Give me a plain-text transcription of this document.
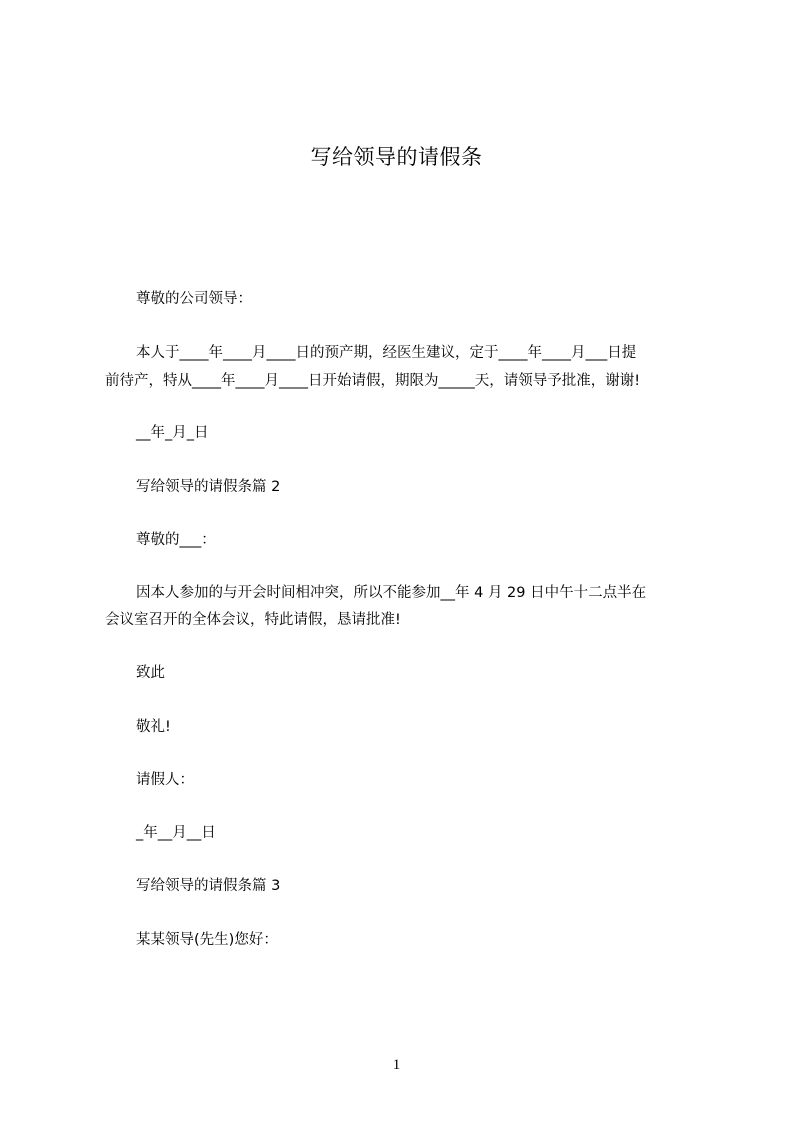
写给领导的请假条
尊敬的公司领导：
本人于____年____月____日的预产期，经医生建议，定于____年____月___日提
前待产，特从____年____月____日开始请假，期限为_____天，请领导予批准，谢谢!
__年_月_日
写给领导的请假条篇 2
尊敬的___：
因本人参加的与开会时间相冲突，所以不能参加__年 4 月 29 日中午十二点半在
会议室召开的全体会议，特此请假，恳请批准!
致此
敬礼!
请假人：
_年__月__日
写给领导的请假条篇 3
某某领导(先生)您好：
1
